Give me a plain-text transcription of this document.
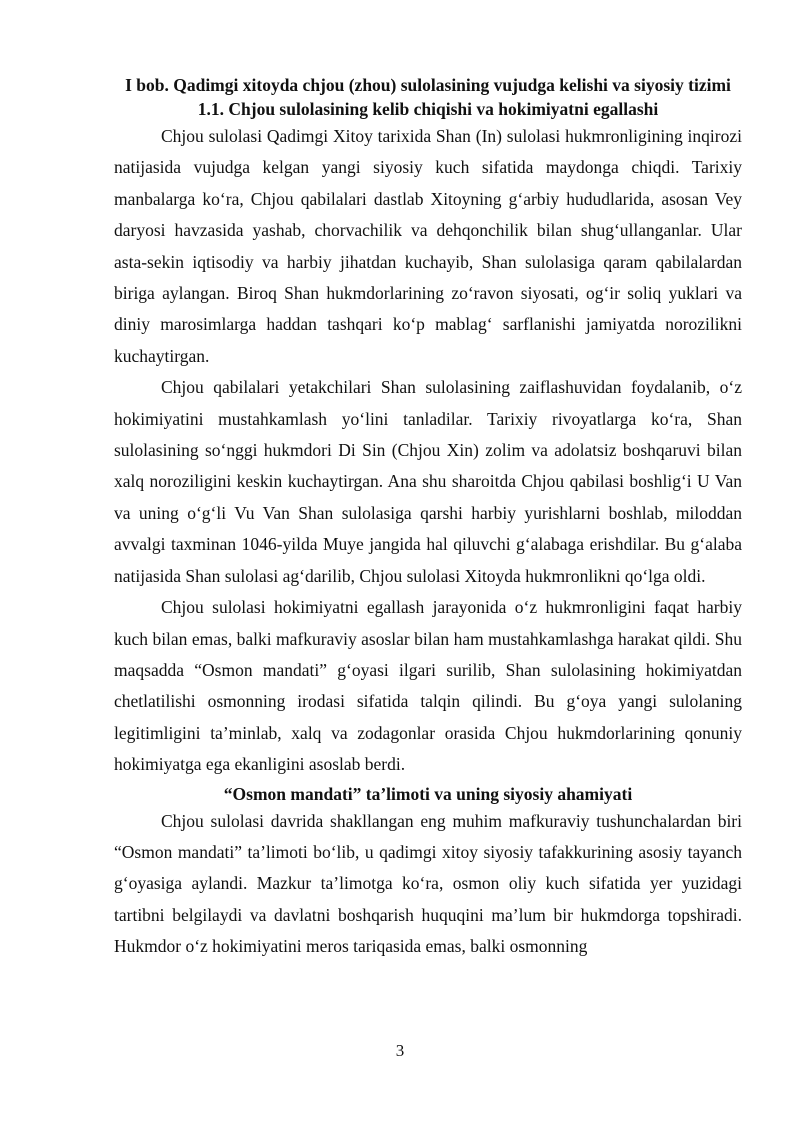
I bob. Qadimgi xitoyda chjou (zhou) sulolasining vujudga kelishi va siyosiy tizimi

1.1. Chjou sulolasining kelib chiqishi va hokimiyatni egallashi

Chjou sulolasi Qadimgi Xitoy tarixida Shan (In) sulolasi hukmronligining inqirozi natijasida vujudga kelgan yangi siyosiy kuch sifatida maydonga chiqdi. Tarixiy manbalarga ko‘ra, Chjou qabilalari dastlab Xitoyning g‘arbiy hududlarida, asosan Vey daryosi havzasida yashab, chorvachilik va dehqonchilik bilan shug‘ullanganlar. Ular asta-sekin iqtisodiy va harbiy jihatdan kuchayib, Shan sulolasiga qaram qabilalardan biriga aylangan. Biroq Shan hukmdorlarining zo‘ravon siyosati, og‘ir soliq yuklari va diniy marosimlarga haddan tashqari ko‘p mablag‘ sarflanishi jamiyatda norozilikni kuchaytirgan.

Chjou qabilalari yetakchilari Shan sulolasining zaiflashuvidan foydalanib, o‘z hokimiyatini mustahkamlash yo‘lini tanladilar. Tarixiy rivoyatlarga ko‘ra, Shan sulolasining so‘nggi hukmdori Di Sin (Chjou Xin) zolim va adolatsiz boshqaruvi bilan xalq noroziligini keskin kuchaytirgan. Ana shu sharoitda Chjou qabilasi boshlig‘i U Van va uning o‘g‘li Vu Van Shan sulolasiga qarshi harbiy yurishlarni boshlab, miloddan avvalgi taxminan 1046-yilda Muye jangida hal qiluvchi g‘alabaga erishdilar. Bu g‘alaba natijasida Shan sulolasi ag‘darilib, Chjou sulolasi Xitoyda hukmronlikni qo‘lga oldi.

Chjou sulolasi hokimiyatni egallash jarayonida o‘z hukmronligini faqat harbiy kuch bilan emas, balki mafkuraviy asoslar bilan ham mustahkamlashga harakat qildi. Shu maqsadda “Osmon mandati” g‘oyasi ilgari surilib, Shan sulolasining hokimiyatdan chetlatilishi osmonning irodasi sifatida talqin qilindi. Bu g‘oya yangi sulolaning legitimligini ta’minlab, xalq va zodagonlar orasida Chjou hukmdorlarining qonuniy hokimiyatga ega ekanligini asoslab berdi.

“Osmon mandati” ta’limoti va uning siyosiy ahamiyati

Chjou sulolasi davrida shakllangan eng muhim mafkuraviy tushunchalardan biri “Osmon mandati” ta’limoti bo‘lib, u qadimgi xitoy siyosiy tafakkurining asosiy tayanch g‘oyasiga aylandi. Mazkur ta’limotga ko‘ra, osmon oliy kuch sifatida yer yuzidagi tartibni belgilaydi va davlatni boshqarish huquqini ma’lum bir hukmdorga topshiradi. Hukmdor o‘z hokimiyatini meros tariqasida emas, balki osmonning

3
